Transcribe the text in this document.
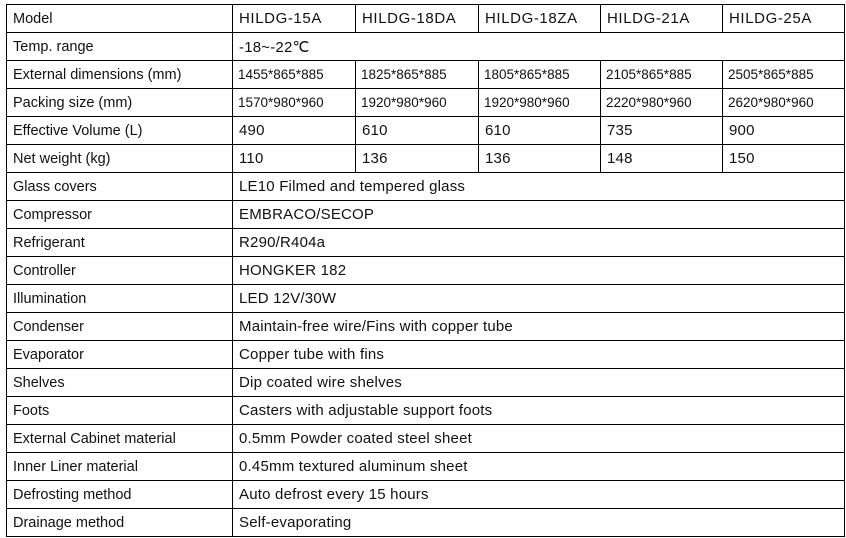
Model	HILDG-15A	HILDG-18DA	HILDG-18ZA	HILDG-21A	HILDG-25A
Temp. range	-18~-22℃				
External dimensions (mm)	1455*865*885	1825*865*885	1805*865*885	2105*865*885	2505*865*885
Packing size (mm)	1570*980*960	1920*980*960	1920*980*960	2220*980*960	2620*980*960
Effective Volume (L)	490	610	610	735	900
Net weight (kg)	110	136	136	148	150
Glass covers	LE10 Filmed and tempered glass				
Compressor	EMBRACO/SECOP				
Refrigerant	R290/R404a				
Controller	HONGKER 182				
Illumination	LED 12V/30W				
Condenser	Maintain-free wire/Fins with copper tube				
Evaporator	Copper tube with fins				
Shelves	Dip coated wire shelves				
Foots	Casters with adjustable support foots				
External Cabinet material	0.5mm Powder coated steel sheet				
Inner Liner material	0.45mm textured aluminum sheet				
Defrosting method	Auto defrost every 15 hours				
Drainage method	Self-evaporating				
